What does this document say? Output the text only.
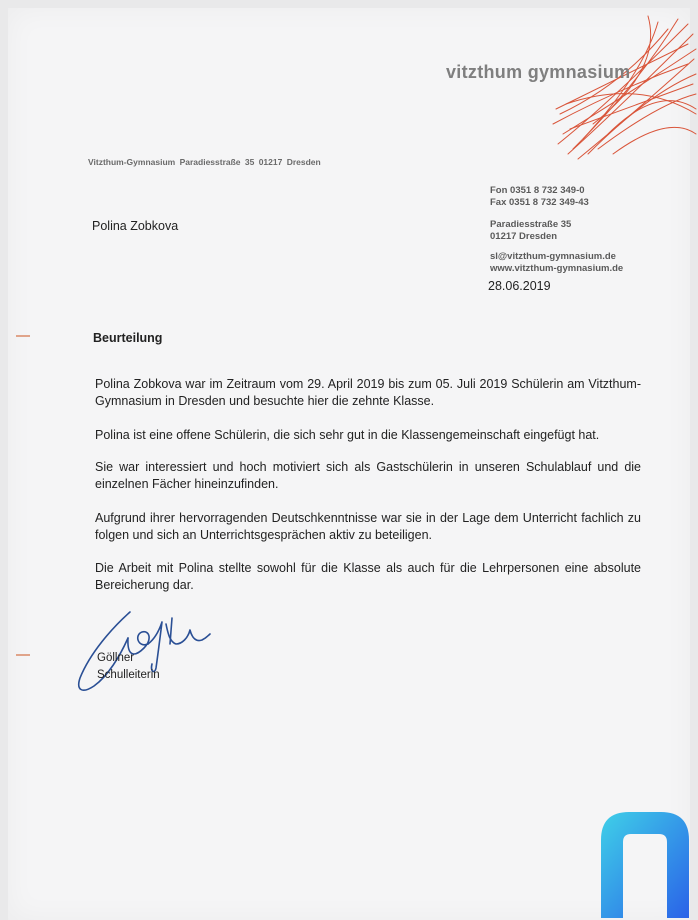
vitzthum gymnasium
Vitzthum-Gymnasium Paradiesstraße 35 01217 Dresden
Fon 0351 8 732 349-0
Fax 0351 8 732 349-43
Paradiesstraße 35
01217 Dresden
sl@vitzthum-gymnasium.de
www.vitzthum-gymnasium.de
Polina Zobkova
28.06.2019
Beurteilung
Polina Zobkova war im Zeitraum vom 29. April 2019 bis zum 05. Juli 2019 Schülerin am Vitzthum-Gymnasium in Dresden und besuchte hier die zehnte Klasse.
Polina ist eine offene Schülerin, die sich sehr gut in die Klassengemeinschaft eingefügt hat.
Sie war interessiert und hoch motiviert sich als Gastschülerin in unseren Schulablauf und die einzelnen Fächer hineinzufinden.
Aufgrund ihrer hervorragenden Deutschkenntnisse war sie in der Lage dem Unterricht fachlich zu folgen und sich an Unterrichtsgesprächen aktiv zu beteiligen.
Die Arbeit mit Polina stellte sowohl für die Klasse als auch für die Lehrpersonen eine absolute Bereicherung dar.
Göllner
Schulleiterin
